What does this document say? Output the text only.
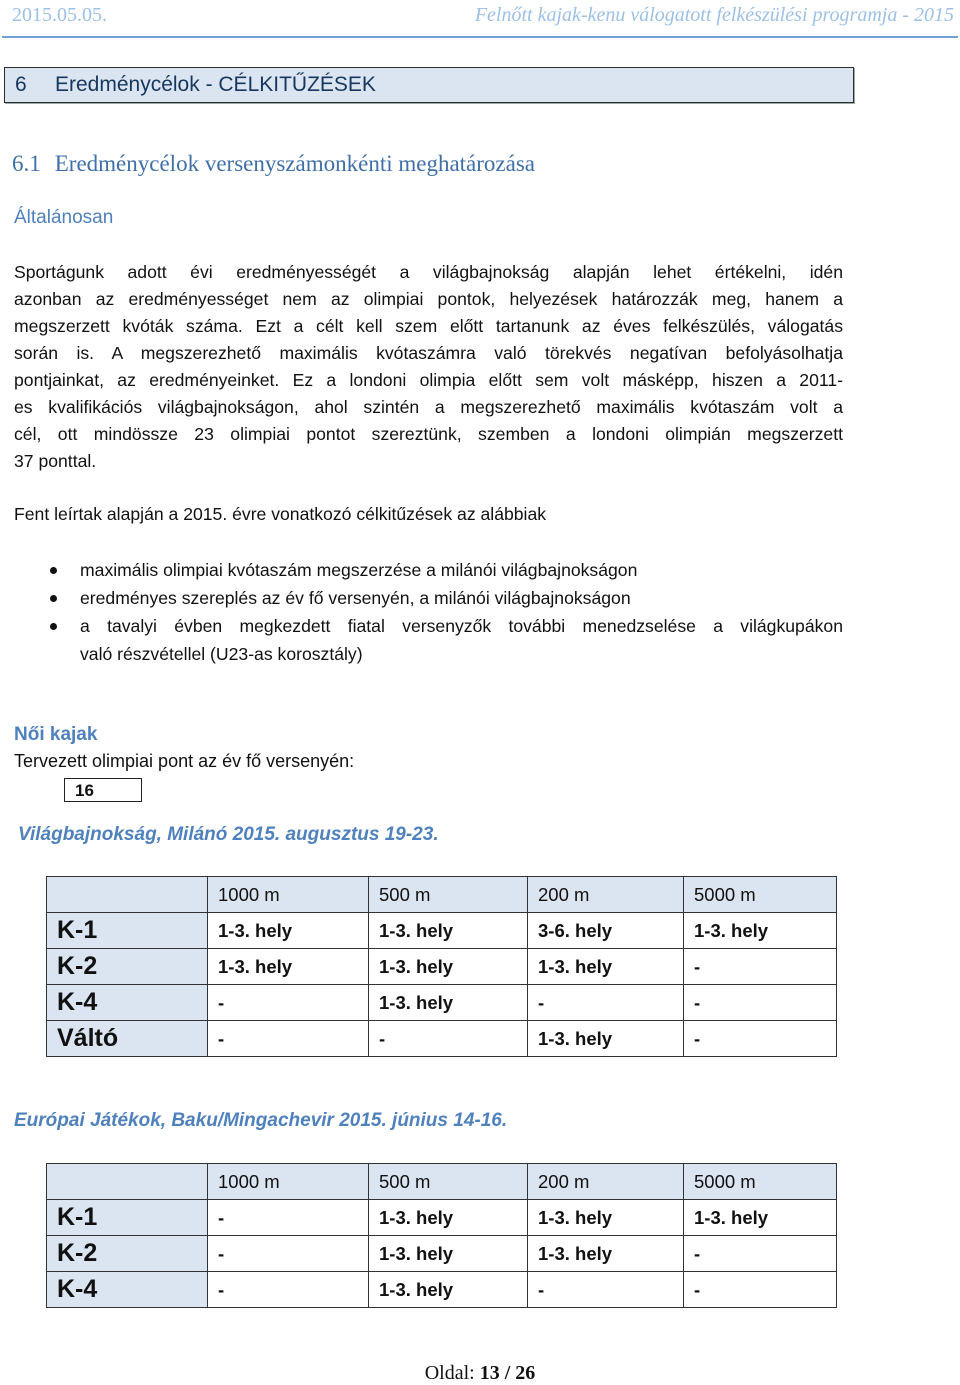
2015.05.05.	Felnőtt kajak-kenu válogatott felkészülési programja - 2015
6	Eredménycélok - CÉLKITŰZÉSEK
6.1 Eredménycélok versenyszámonkénti meghatározása
Általánosan
Sportágunk adott évi eredményességét a világbajnokság alapján lehet értékelni, idén
azonban az eredményességet nem az olimpiai pontok, helyezések határozzák meg, hanem a
megszerzett kvóták száma. Ezt a célt kell szem előtt tartanunk az éves felkészülés, válogatás
során is. A megszerezhető maximális kvótaszámra való törekvés negatívan befolyásolhatja
pontjainkat, az eredményeinket. Ez a londoni olimpia előtt sem volt másképp, hiszen a 2011-
es kvalifikációs világbajnokságon, ahol szintén a megszerezhető maximális kvótaszám volt a
cél, ott mindössze 23 olimpiai pontot szereztünk, szemben a londoni olimpián megszerzett
37 ponttal.
Fent leírtak alapján a 2015. évre vonatkozó célkitűzések az alábbiak
maximális olimpiai kvótaszám megszerzése a milánói világbajnokságon
eredményes szereplés az év fő versenyén, a milánói világbajnokságon
a tavalyi évben megkezdett fiatal versenyzők további menedzselése a világkupákon
való részvétellel (U23-as korosztály)
Női kajak
Tervezett olimpiai pont az év fő versenyén:
16
Világbajnokság, Milánó 2015. augusztus 19-23.
	1000 m	500 m	200 m	5000 m
K-1	1-3. hely	1-3. hely	3-6. hely	1-3. hely
K-2	1-3. hely	1-3. hely	1-3. hely	-
K-4	-	1-3. hely	-	-
Váltó	-	-	1-3. hely	-
Európai Játékok, Baku/Mingachevir 2015. június 14-16.
	1000 m	500 m	200 m	5000 m
K-1	-	1-3. hely	1-3. hely	1-3. hely
K-2	-	1-3. hely	1-3. hely	-
K-4	-	1-3. hely	-	-
Oldal: 13 / 26
